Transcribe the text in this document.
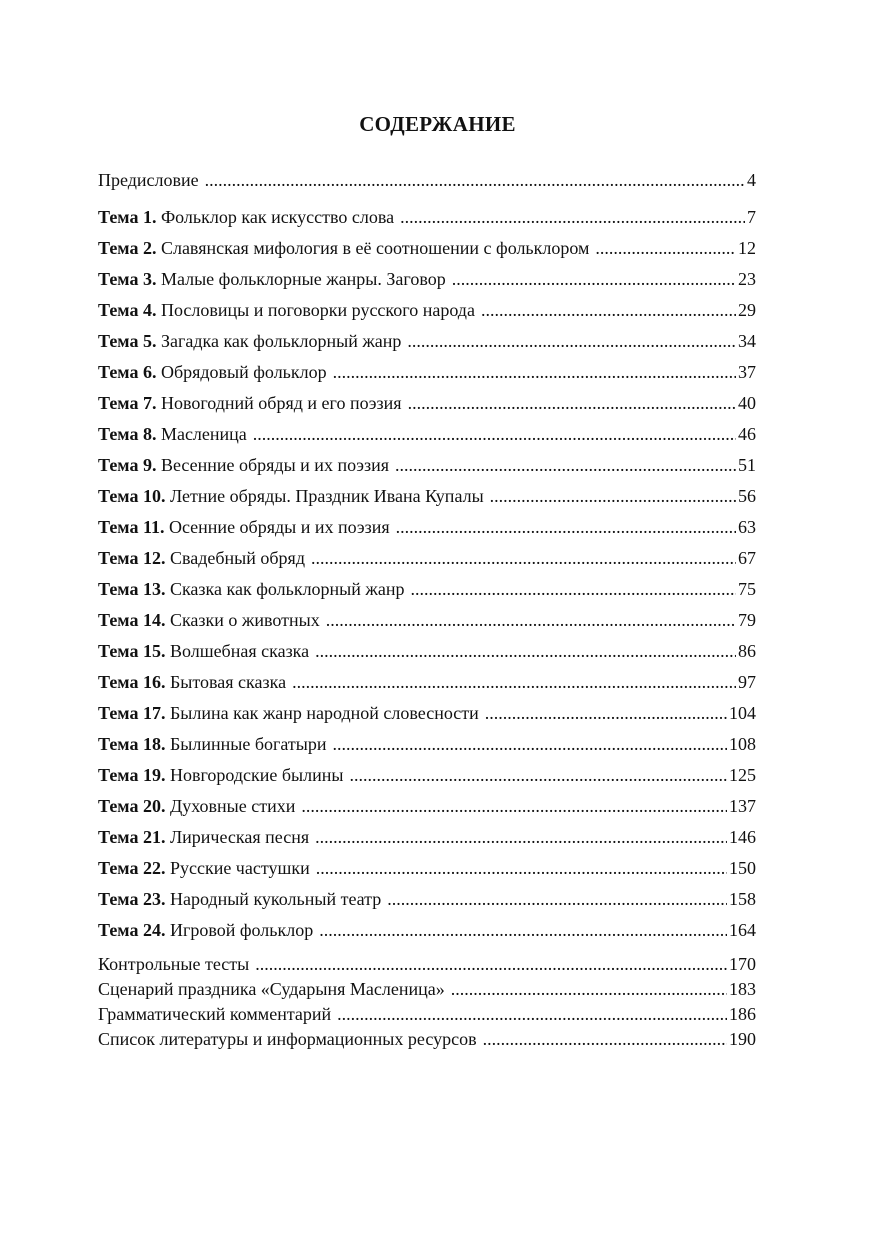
СОДЕРЖАНИЕ
Предисловие .....	4
Тема 1. Фольклор как искусство слова .....	7
Тема 2. Славянская мифология в её соотношении с фольклором .....	12
Тема 3. Малые фольклорные жанры. Заговор .....	23
Тема 4. Пословицы и поговорки русского народа .....	29
Тема 5. Загадка как фольклорный жанр .....	34
Тема 6. Обрядовый фольклор .....	37
Тема 7. Новогодний обряд и его поэзия .....	40
Тема 8. Масленица .....	46
Тема 9. Весенние обряды и их поэзия .....	51
Тема 10. Летние обряды. Праздник Ивана Купалы .....	56
Тема 11. Осенние обряды и их поэзия .....	63
Тема 12. Свадебный обряд .....	67
Тема 13. Сказка как фольклорный жанр .....	75
Тема 14. Сказки о животных .....	79
Тема 15. Волшебная сказка .....	86
Тема 16. Бытовая сказка .....	97
Тема 17. Былина как жанр народной словесности .....	104
Тема 18. Былинные богатыри .....	108
Тема 19. Новгородские былины .....	125
Тема 20. Духовные стихи .....	137
Тема 21. Лирическая песня .....	146
Тема 22. Русские частушки .....	150
Тема 23. Народный кукольный театр .....	158
Тема 24. Игровой фольклор .....	164
Контрольные тесты .....	170
Сценарий праздника «Сударыня Масленица» .....	183
Грамматический комментарий .....	186
Список литературы и информационных ресурсов .....	190
